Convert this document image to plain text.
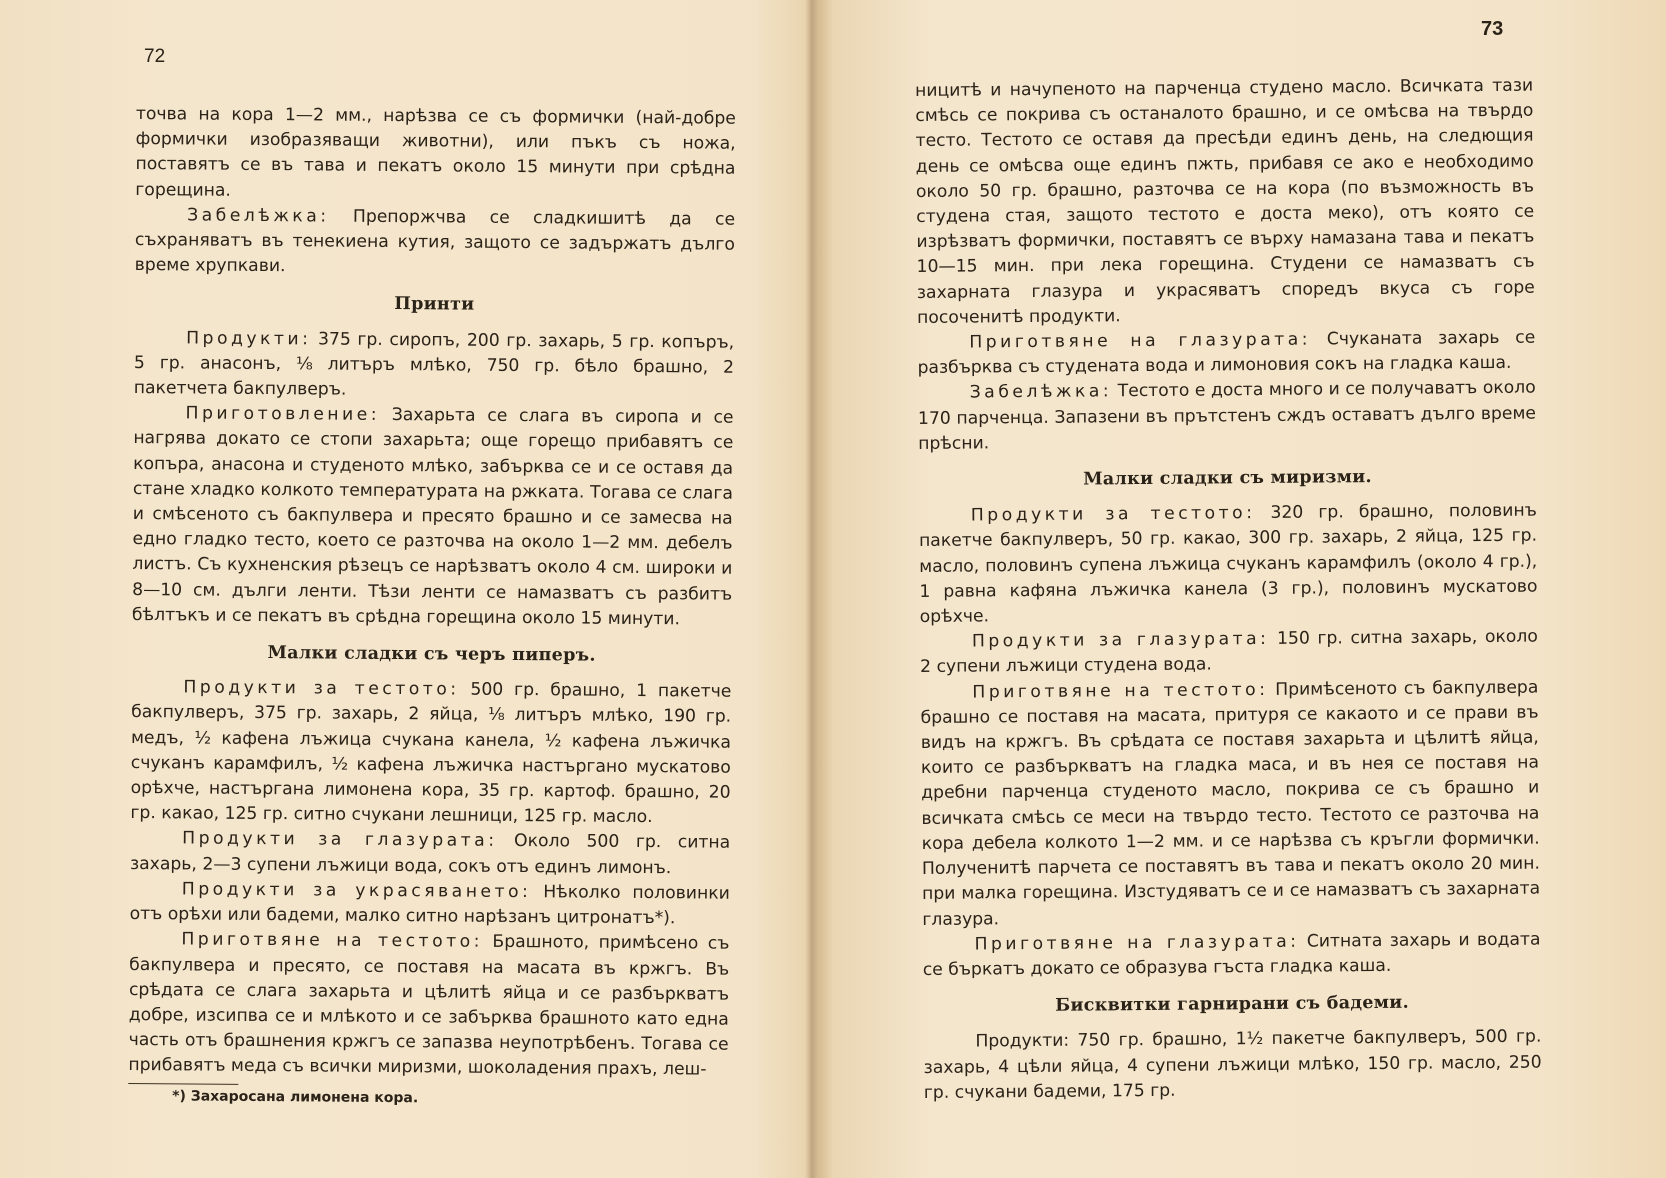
72

точва на кора 1—2 мм., нарѣзва се съ формички (най-добре формички изобразяващи животни), или пъкъ съ ножа, поставятъ се въ тава и пекатъ около 15 минути при срѣдна горещина.

Забелѣжка: Препоржчва се сладкишитѣ да се съхраняватъ въ тенекиена кутия, защото се задържатъ дълго време хрупкави.

Принти

Продукти: 375 гр. сиропъ, 200 гр. захарь, 5 гр. копъръ, 5 гр. анасонъ, ⅛ литъръ млѣко, 750 гр. бѣло брашно, 2 пакетчета бакпулверъ.

Приготовление: Захарьта се слага въ сиропа и се нагрява докато се стопи захарьта; още горещо прибавятъ се копъра, анасона и студеното млѣко, забърква се и се оставя да стане хладко колкото температурата на ржката. Тогава се слага и смѣсеното съ бакпулвера и пресято брашно и се замесва на едно гладко тесто, което се разточва на около 1—2 мм. дебелъ листъ. Съ кухненския рѣзецъ се нарѣзватъ около 4 см. широки и 8—10 см. дълги ленти. Тѣзи ленти се намазватъ съ разбитъ бѣлтъкъ и се пекатъ въ срѣдна горещина около 15 минути.

Малки сладки съ черъ пиперъ.

Продукти за тестото: 500 гр. брашно, 1 пакетче бакпулверъ, 375 гр. захарь, 2 яйца, ⅛ литъръ млѣко, 190 гр. медъ, ½ кафена лъжица счукана канела, ½ кафена лъжичка счуканъ карамфилъ, ½ кафена лъжичка настъргано мускатово орѣхче, настъргана лимонена кора, 35 гр. картоф. брашно, 20 гр. какао, 125 гр. ситно счукани лешници, 125 гр. масло.

Продукти за глазурата: Около 500 гр. ситна захарь, 2—3 супени лъжици вода, сокъ отъ единъ лимонъ.

Продукти за украсяването: Нѣколко половинки отъ орѣхи или бадеми, малко ситно нарѣзанъ цитронатъ*).

Приготвяне на тестото: Брашното, примѣсено съ бакпулвера и пресято, се поставя на масата въ кржгъ. Въ срѣдата се слага захарьта и цѣлитѣ яйца и се разбъркватъ добре, изсипва се и млѣкото и се забърква брашното като една часть отъ брашнения кржгъ се запазва неупотрѣбенъ. Тогава се прибавятъ меда съ всички миризми, шоколадения прахъ, леш-

*) Захаросана лимонена кора.
73

ницитѣ и начупеното на парченца студено масло. Всичката тази смѣсь се покрива съ останалото брашно, и се омѣсва на твърдо тесто. Тестото се оставя да пресѣди единъ день, на следющия день се омѣсва още единъ пжть, прибавя се ако е необходимо около 50 гр. брашно, разточва се на кора (по възможность въ студена стая, защото тестото е доста меко), отъ която се изрѣзватъ формички, поставятъ се върху намазана тава и пекатъ 10—15 мин. при лека горещина. Студени се намазватъ съ захарната глазура и украсяватъ споредъ вкуса съ горе посоченитѣ продукти.

Приготвяне на глазурата: Счуканата захарь се разбърква съ студената вода и лимоновия сокъ на гладка каша.

Забелѣжка: Тестото е доста много и се получаватъ около 170 парченца. Запазени въ прътстенъ сждъ оставатъ дълго време прѣсни.

Малки сладки съ миризми.

Продукти за тестото: 320 гр. брашно, половинъ пакетче бакпулверъ, 50 гр. какао, 300 гр. захарь, 2 яйца, 125 гр. масло, половинъ супена лъжица счуканъ карамфилъ (около 4 гр.), 1 равна кафяна лъжичка канела (3 гр.), половинъ мускатово орѣхче.

Продукти за глазурата: 150 гр. ситна захарь, около 2 супени лъжици студена вода.

Приготвяне на тестото: Примѣсеното съ бакпулвера брашно се поставя на масата, притуря се какаото и се прави въ видъ на кржгъ. Въ срѣдата се поставя захарьта и цѣлитѣ яйца, които се разбъркватъ на гладка маса, и въ нея се поставя на дребни парченца студеното масло, покрива се съ брашно и всичката смѣсь се меси на твърдо тесто. Тестото се разточва на кора дебела колкото 1—2 мм. и се нарѣзва съ кръгли формички. Полученитѣ парчета се поставятъ въ тава и пекатъ около 20 мин. при малка горещина. Изстудяватъ се и се намазватъ съ захарната глазура.

Приготвяне на глазурата: Ситната захарь и водата се бъркатъ докато се образува гъста гладка каша.

Бисквитки гарнирани съ бадеми.

Продукти: 750 гр. брашно, 1½ пакетче бакпулверъ, 500 гр. захарь, 4 цѣли яйца, 4 супени лъжици млѣко, 150 гр. масло, 250 гр. счукани бадеми, 175 гр.
